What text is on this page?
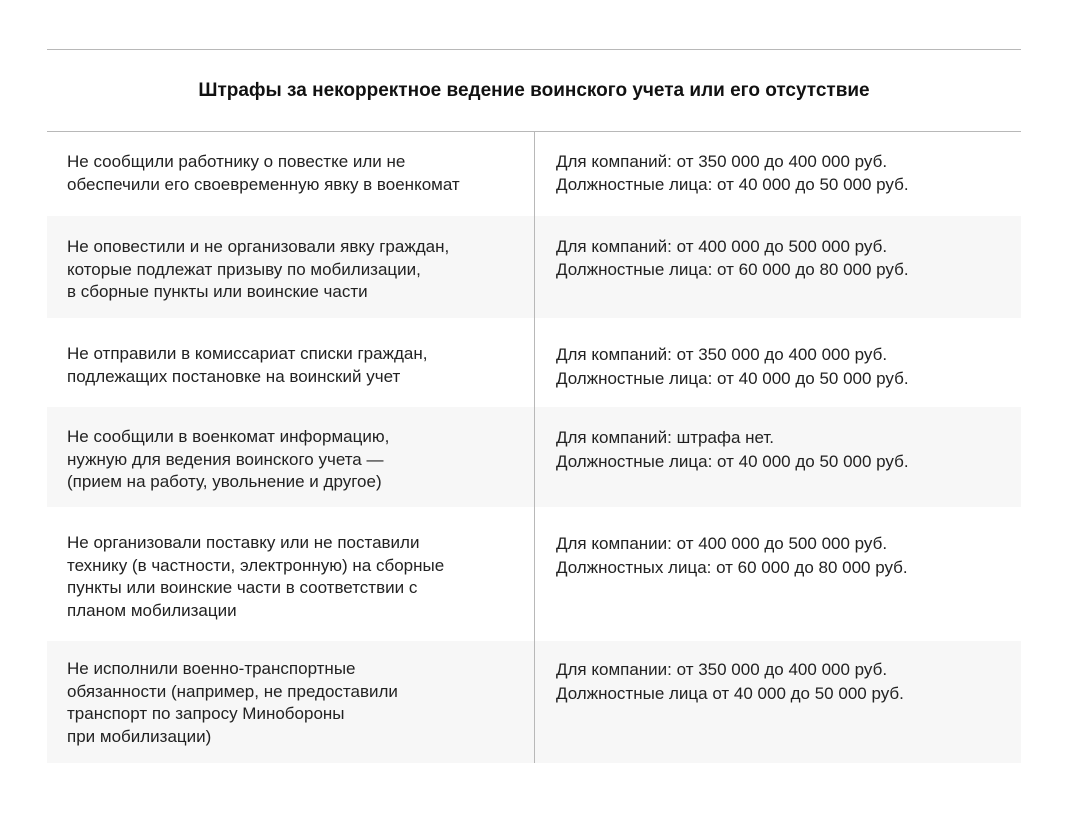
Штрафы за некорректное ведение воинского учета или его отсутствие
Не сообщили работнику о повестке или не
обеспечили его своевременную явку в военкомат
Для компаний: от 350 000 до 400 000 руб.
Должностные лица: от 40 000 до 50 000 руб.
Не оповестили и не организовали явку граждан,
которые подлежат призыву по мобилизации,
в сборные пункты или воинские части
Для компаний: от 400 000 до 500 000 руб.
Должностные лица: от 60 000 до 80 000 руб.
Не отправили в комиссариат списки граждан,
подлежащих постановке на воинский учет
Для компаний: от 350 000 до 400 000 руб.
Должностные лица: от 40 000 до 50 000 руб.
Не сообщили в военкомат информацию,
нужную для ведения воинского учета —
(прием на работу, увольнение и другое)
Для компаний: штрафа нет.
Должностные лица: от 40 000 до 50 000 руб.
Не организовали поставку или не поставили
технику (в частности, электронную) на сборные
пункты или воинские части в соответствии с
планом мобилизации
Для компании: от 400 000 до 500 000 руб.
Должностных лица: от 60 000 до 80 000 руб.
Не исполнили военно-транспортные
обязанности (например, не предоставили
транспорт по запросу Минобороны
при мобилизации)
Для компании: от 350 000 до 400 000 руб.
Должностные лица от 40 000 до 50 000 руб.
